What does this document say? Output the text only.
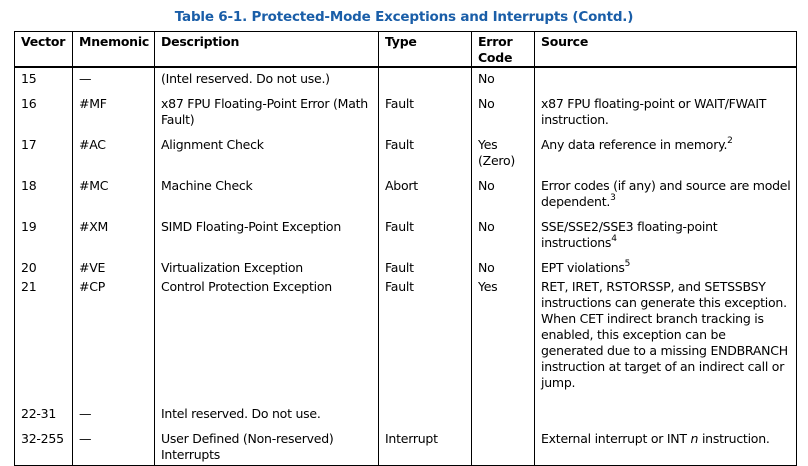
Table 6-1. Protected-Mode Exceptions and Interrupts (Contd.)
Vector	Mnemonic	Description	Type	Error Code	Source
15	—	(Intel reserved. Do not use.)		No	
16	#MF	x87 FPU Floating-Point Error (Math Fault)	Fault	No	x87 FPU floating-point or WAIT/FWAIT instruction.
17	#AC	Alignment Check	Fault	Yes (Zero)	Any data reference in memory.$^2$
18	#MC	Machine Check	Abort	No	Error codes (if any) and source are model dependent.$^3$
19	#XM	SIMD Floating-Point Exception	Fault	No	SSE/SSE2/SSE3 floating-point instructions$^4$
20	#VE	Virtualization Exception	Fault	No	EPT violations$^5$
21	#CP	Control Protection Exception	Fault	Yes	RET, IRET, RSTORSSP, and SETSSBSY instructions can generate this exception. When CET indirect branch tracking is enabled, this exception can be generated due to a missing ENDBRANCH instruction at target of an indirect call or jump.
22-31	—	Intel reserved. Do not use.			
32-255	—	User Defined (Non-reserved) Interrupts	Interrupt		External interrupt or INT n instruction.
